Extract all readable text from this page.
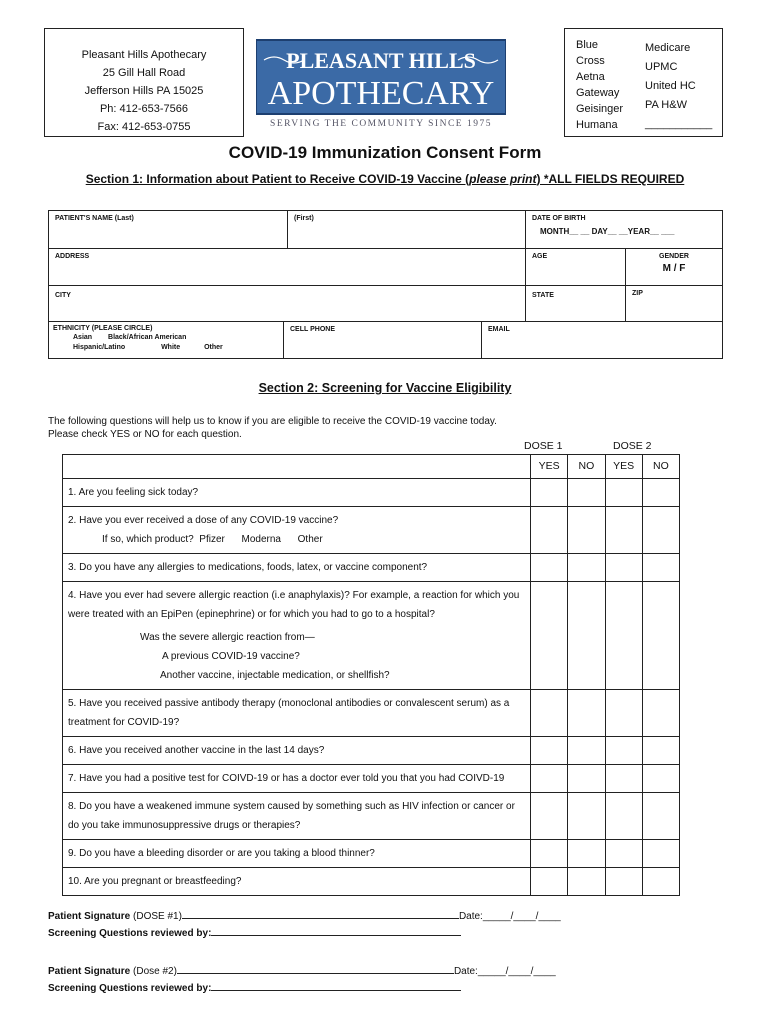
Pleasant Hills Apothecary
25 Gill Hall Road
Jefferson Hills PA 15025
Ph: 412-653-7566
Fax: 412-653-0755
PLEASANT HILLS
APOTHECARY
SERVING THE COMMUNITY SINCE 1975
Blue
Cross
Aetna
Gateway
Geisinger
Humana
Medicare
UPMC
United HC
PA H&W
___________
COVID-19 Immunization Consent Form
Section 1: Information about Patient to Receive COVID-19 Vaccine (please print) *ALL FIELDS REQUIRED
PATIENT'S NAME (Last)	(First)	DATE OF BIRTH
MONTH__ __ DAY__ __YEAR__ ___
ADDRESS	AGE	GENDER
M / F
CITY	STATE	ZIP
ETHNICITY (PLEASE CIRCLE)
Asian Black/African American
Hispanic/Latino	White	Other
CELL PHONE	EMAIL
Section 2: Screening for Vaccine Eligibility
The following questions will help us to know if you are eligible to receive the COVID-19 vaccine today.
Please check YES or NO for each question.
DOSE 1	DOSE 2
	YES	NO	YES	NO
1. Are you feeling sick today?				

2. Have you ever received a dose of any COVID-19 vaccine?
If so, which product?  Pfizer      Moderna      Other				

3. Do you have any allergies to medications, foods, latex, or vaccine component?				

4. Have you ever had severe allergic reaction (i.e anaphylaxis)? For example, a reaction for which you were treated with an EpiPen (epinephrine) or for which you had to go to a hospital?
Was the severe allergic reaction from—
A previous COVID-19 vaccine?
Another vaccine, injectable medication, or shellfish?				

5. Have you received passive antibody therapy (monoclonal antibodies or convalescent serum) as a treatment for COVID-19?				
6. Have you received another vaccine in the last 14 days?				
7. Have you had a positive test for COIVD-19 or has a doctor ever told you that you had COIVD-19				
8. Do you have a weakened immune system caused by something such as HIV infection or cancer or do you take immunosuppressive drugs or therapies?				
9. Do you have a bleeding disorder or are you taking a blood thinner?				
10. Are you pregnant or breastfeeding?				
Patient Signature (DOSE #1)	Date:_____/____/____
Screening Questions reviewed by:
Patient Signature (Dose #2)	Date:_____/____/____
Screening Questions reviewed by:
